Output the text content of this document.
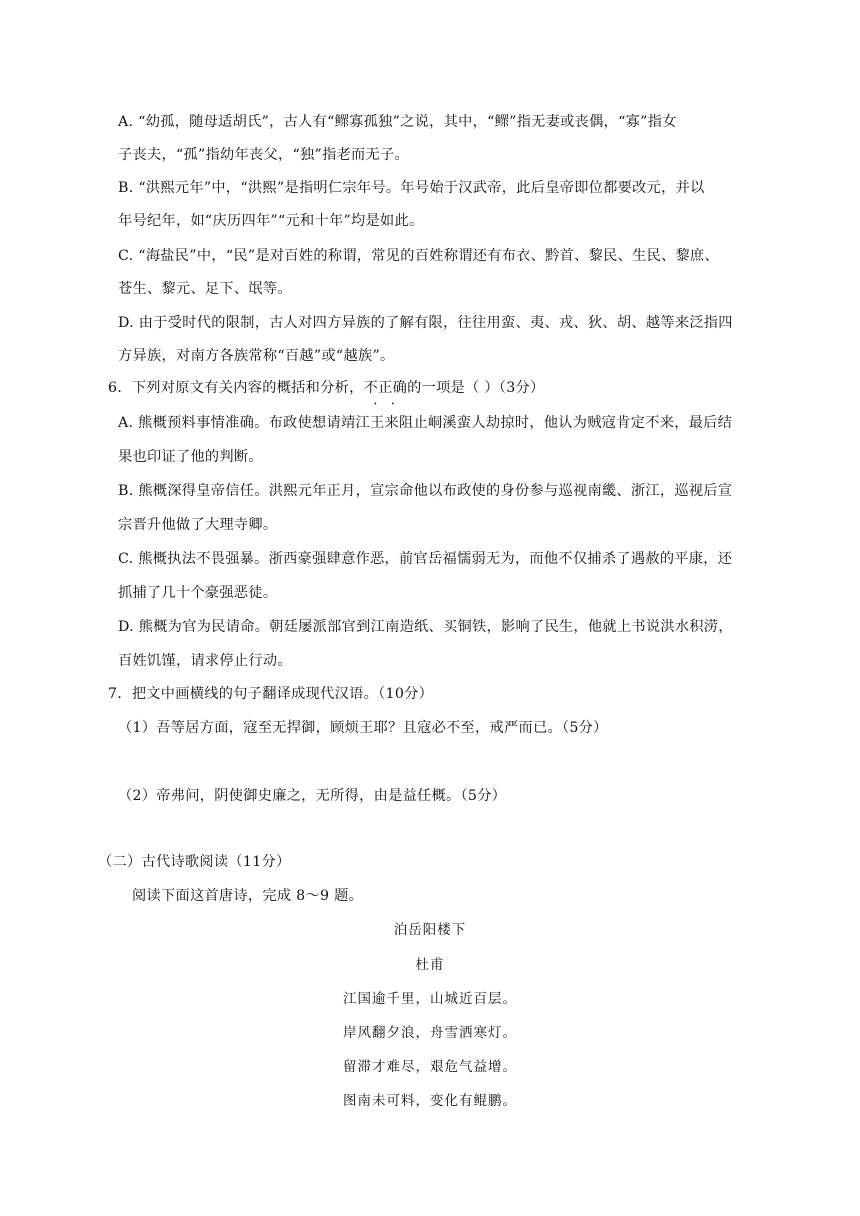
A. “幼孤，随母适胡氏”，古人有“鳏寡孤独”之说，其中，“鳏”指无妻或丧偶，“寡”指女
子丧夫，“孤”指幼年丧父，“独”指老而无子。
B. “洪熙元年”中，“洪熙”是指明仁宗年号。年号始于汉武帝，此后皇帝即位都要改元，并以
年号纪年，如“庆历四年”“元和十年”均是如此。
C. “海盐民”中，“民”是对百姓的称谓，常见的百姓称谓还有布衣、黔首、黎民、生民、黎庶、
苍生、黎元、足下、氓等。
D. 由于受时代的限制，古人对四方异族的了解有限，往往用蛮、夷、戎、狄、胡、越等来泛指四
方异族，对南方各族常称“百越”或“越族”。
6．下列对原文有关内容的概括和分析，不正确 • •的一项是（ ）（3分）
A. 熊概预料事情准确。布政使想请靖江王来阻止峒溪蛮人劫掠时，他认为贼寇肯定不来，最后结
果也印证了他的判断。
B. 熊概深得皇帝信任。洪熙元年正月，宣宗命他以布政使的身份参与巡视南畿、浙江，巡视后宣
宗晋升他做了大理寺卿。
C. 熊概执法不畏强暴。浙西豪强肆意作恶，前官岳福懦弱无为，而他不仅捕杀了遇赦的平康，还
抓捕了几十个豪强恶徒。
D. 熊概为官为民请命。朝廷屡派部官到江南造纸、买铜铁，影响了民生，他就上书说洪水积涝，
百姓饥馑，请求停止行动。
7．把文中画横线的句子翻译成现代汉语。（10分）
（1）吾等居方面，寇至无捍御，顾烦王耶？且寇必不至，戒严而已。（5分）
（2）帝弗问，阴使御史廉之，无所得，由是益任概。（5分）
（二）古代诗歌阅读（11分）
阅读下面这首唐诗，完成 8～9 题。
泊岳阳楼下
杜甫
江国逾千里，山城近百层。
岸风翻夕浪，舟雪洒寒灯。
留滞才难尽，艰危气益增。
图南未可料，变化有鲲鹏。
